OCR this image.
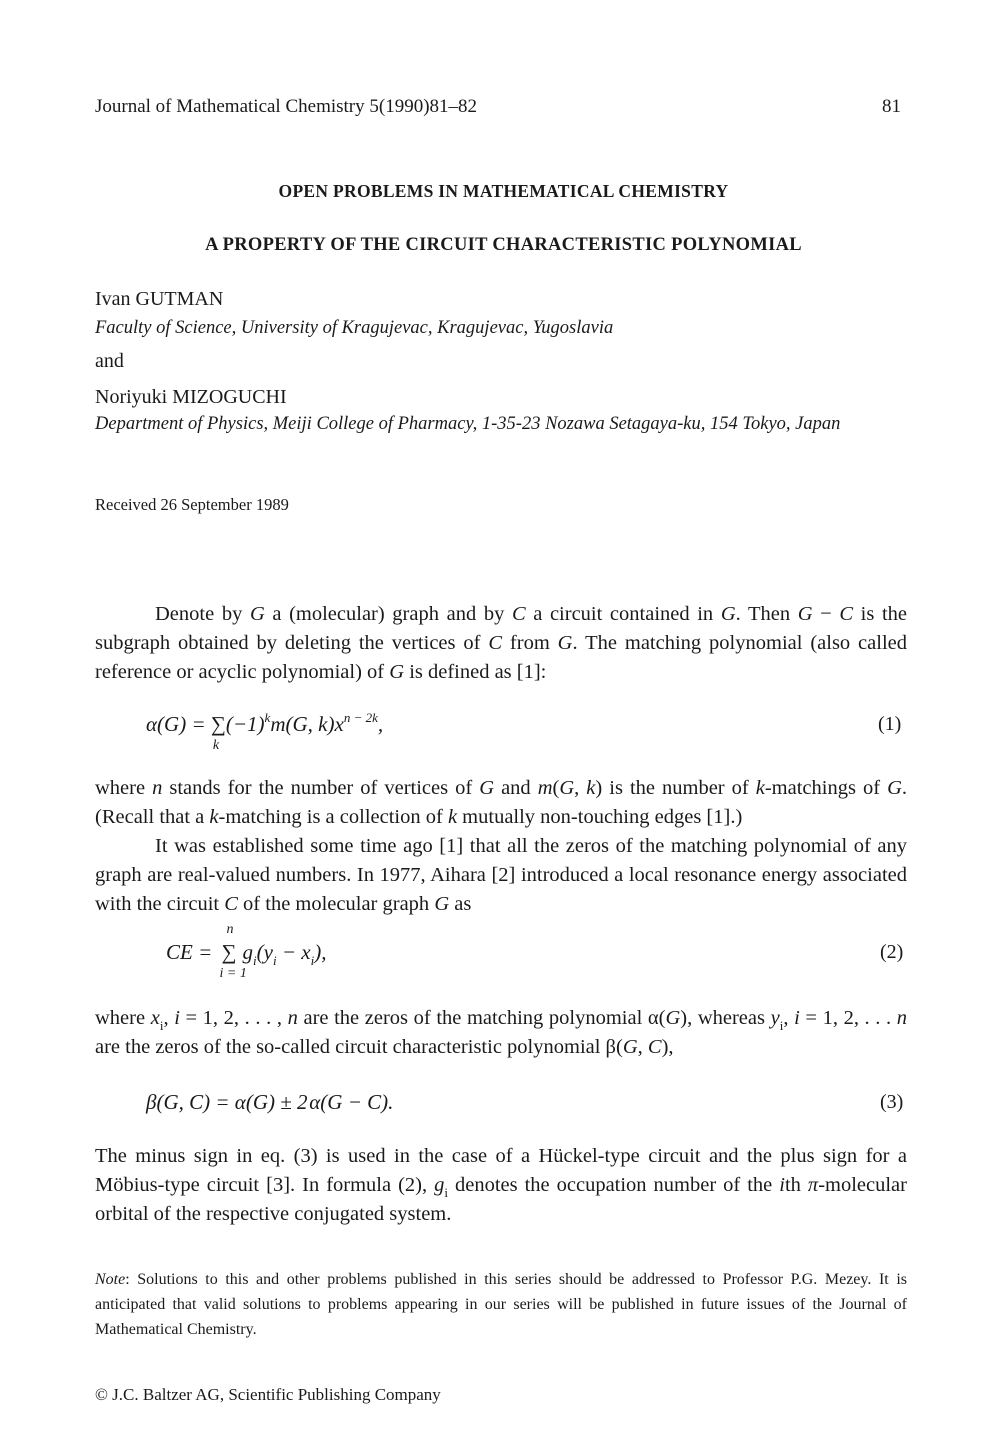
Journal of Mathematical Chemistry 5(1990)81–82	81
OPEN PROBLEMS IN MATHEMATICAL CHEMISTRY
A PROPERTY OF THE CIRCUIT CHARACTERISTIC POLYNOMIAL
Ivan GUTMAN
Faculty of Science, University of Kragujevac, Kragujevac, Yugoslavia
and
Noriyuki MIZOGUCHI
Department of Physics, Meiji College of Pharmacy, 1-35-23 Nozawa Setagaya-ku, 154 Tokyo, Japan
Received 26 September 1989

Denote by G a (molecular) graph and by C a circuit contained in G. Then G − C is the subgraph obtained by deleting the vertices of C from G. The matching polynomial (also called reference or acyclic polynomial) of G is defined as [1]:

α(G) = ∑
k
$(-1)^km(G$, $k)x^{n - 2k}$,	(1)

where n stands for the number of vertices of G and m(G, k) is the number of k-matchings of G. (Recall that a k-matching is a collection of k mutually non-touching edges [1].)

It was established some time ago [1] that all the zeros of the matching polynomial of any graph are real-valued numbers. In 1977, Aihara [2] introduced a local resonance energy associated with the circuit C of the molecular graph G as

CE = ∑
n
i = 1
$g_i(y_i - x_i)$,	(2)

where $x_i$, i = 1, 2, . . . , n are the zeros of the matching polynomial α(G), whereas $y_i$, i = 1, 2, . . . n are the zeros of the so-called circuit characteristic polynomial β(G, C),

β(G, C) = α(G) ± 2 α(G − C).	(3)

The minus sign in eq. (3) is used in the case of a Hückel-type circuit and the plus sign for a Möbius-type circuit [3]. In formula (2), $g_i$ denotes the occupation number of the ith π-molecular orbital of the respective conjugated system.

Note: Solutions to this and other problems published in this series should be addressed to Professor P.G. Mezey. It is anticipated that valid solutions to problems appearing in our series will be published in future issues of the Journal of Mathematical Chemistry.
© J.C. Baltzer AG, Scientific Publishing Company
